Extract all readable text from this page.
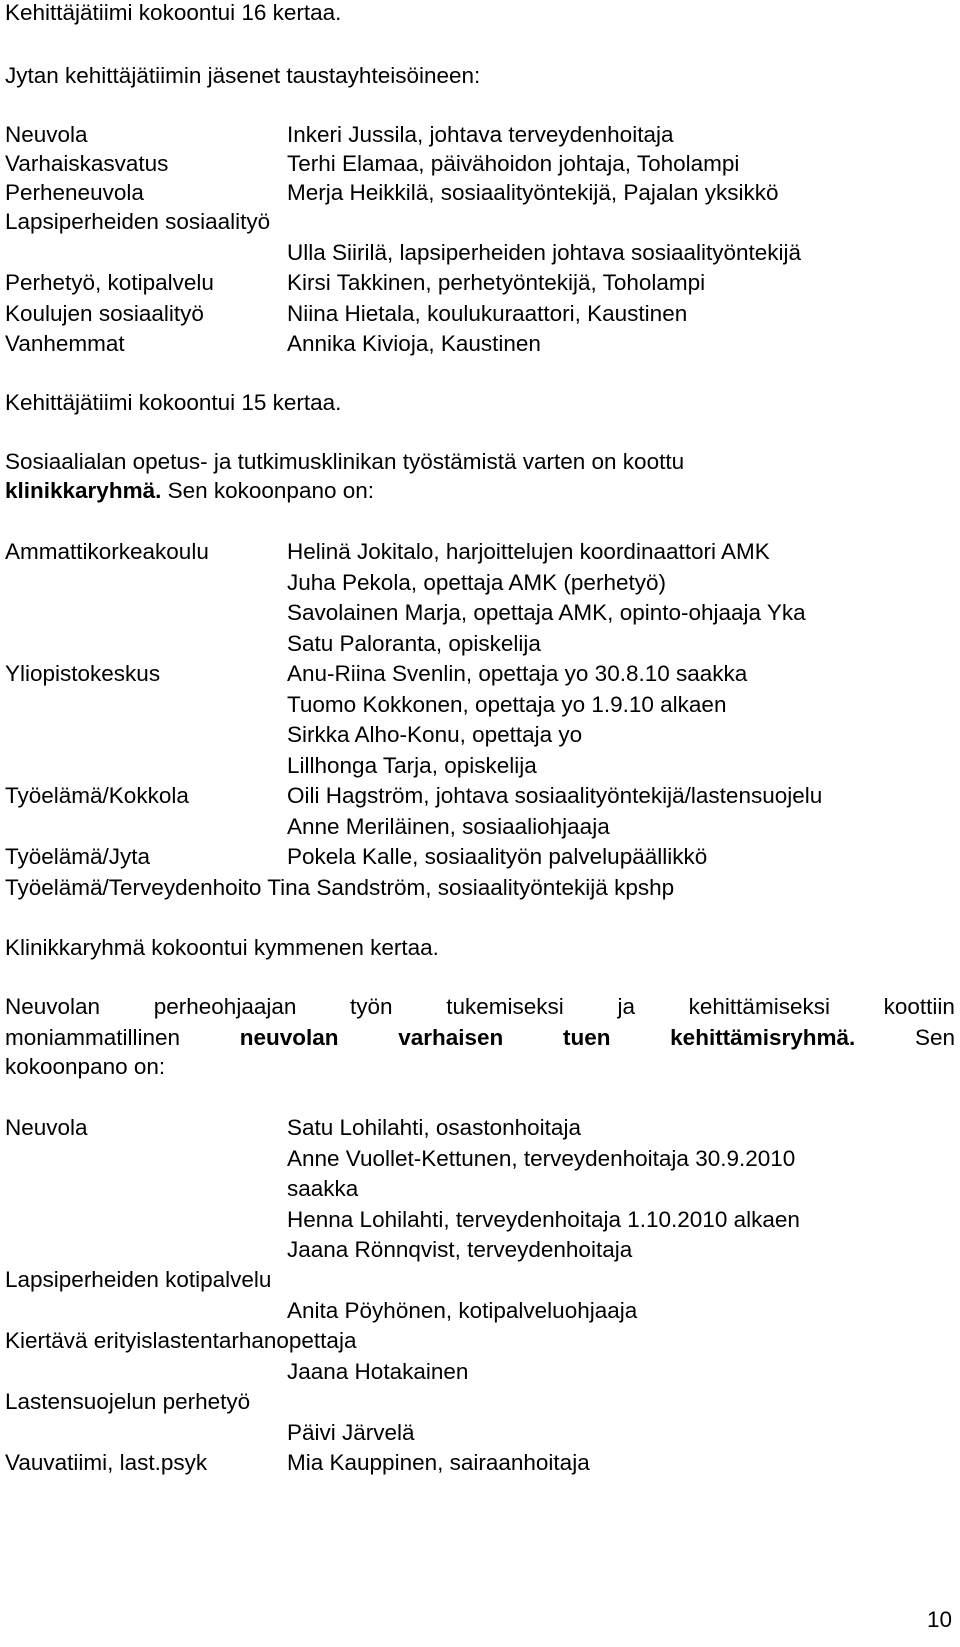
Kehittäjätiimi kokoontui 16 kertaa.
Jytan kehittäjätiimin jäsenet taustayhteisöineen:
Neuvola	Inkeri Jussila, johtava terveydenhoitaja
Varhaiskasvatus	Terhi Elamaa, päivähoidon johtaja, Toholampi
Perheneuvola	Merja Heikkilä, sosiaalityöntekijä, Pajalan yksikkö
Lapsiperheiden sosiaalityö
Ulla Siirilä, lapsiperheiden johtava sosiaalityöntekijä
Perhetyö, kotipalvelu	Kirsi Takkinen, perhetyöntekijä, Toholampi
Koulujen sosiaalityö	Niina Hietala, koulukuraattori, Kaustinen
Vanhemmat	Annika Kivioja, Kaustinen
Kehittäjätiimi kokoontui 15 kertaa.
Sosiaalialan opetus- ja tutkimusklinikan työstämistä varten on koottu
klinikkaryhmä. Sen kokoonpano on:
Ammattikorkeakoulu	Helinä Jokitalo, harjoittelujen koordinaattori AMK
Juha Pekola, opettaja AMK (perhetyö)
Savolainen Marja, opettaja AMK, opinto-ohjaaja Yka
Satu Paloranta, opiskelija
Yliopistokeskus	Anu-Riina Svenlin, opettaja yo 30.8.10 saakka
Tuomo Kokkonen, opettaja yo 1.9.10 alkaen
Sirkka Alho-Konu, opettaja yo
Lillhonga Tarja, opiskelija
Työelämä/Kokkola	Oili Hagström, johtava sosiaalityöntekijä/lastensuojelu
Anne Meriläinen, sosiaaliohjaaja
Työelämä/Jyta	Pokela Kalle, sosiaalityön palvelupäällikkö
Työelämä/Terveydenhoito Tina Sandström, sosiaalityöntekijä kpshp
Klinikkaryhmä kokoontui kymmenen kertaa.
Neuvolan perheohjaajan työn tukemiseksi ja kehittämiseksi koottiin
moniammatillinen	neuvolan	varhaisen	tuen	kehittämisryhmä.	Sen
kokoonpano on:
Neuvola	Satu Lohilahti, osastonhoitaja
Anne Vuollet-Kettunen, terveydenhoitaja 30.9.2010
saakka
Henna Lohilahti, terveydenhoitaja 1.10.2010 alkaen
Jaana Rönnqvist, terveydenhoitaja
Lapsiperheiden kotipalvelu
Anita Pöyhönen, kotipalveluohjaaja
Kiertävä erityislastentarhanopettaja
Jaana Hotakainen
Lastensuojelun perhetyö
Päivi Järvelä
Vauvatiimi, last.psyk	Mia Kauppinen, sairaanhoitaja
10
